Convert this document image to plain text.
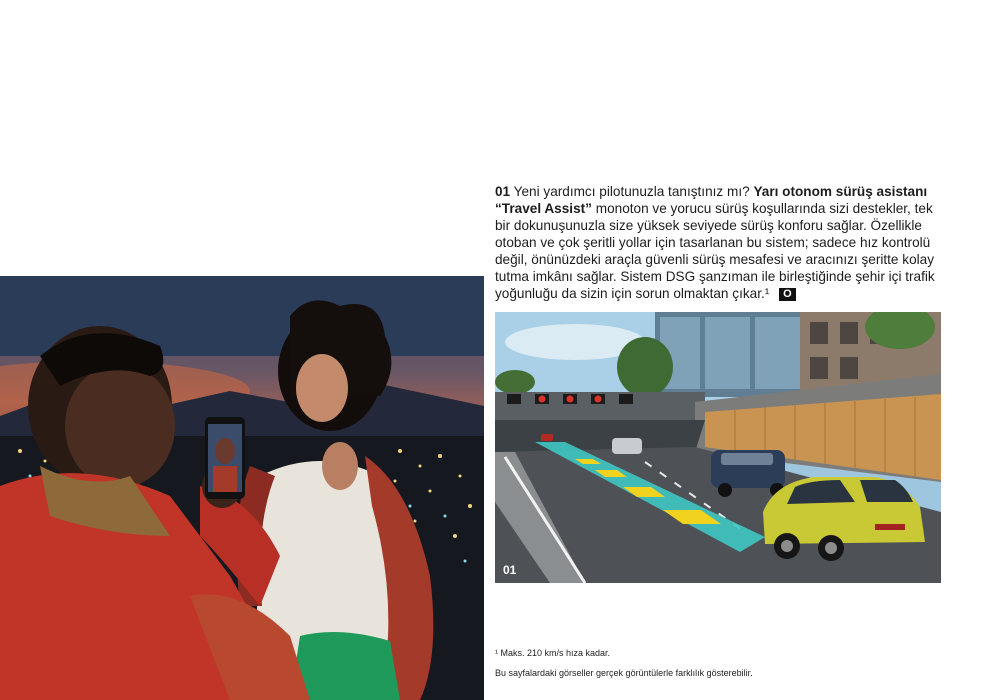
01 Yeni yardımcı pilotunuzla tanıştınız mı? Yarı otonom sürüş asistanı “Travel Assist” monoton ve yorucu sürüş koşullarında sizi destekler, tek bir dokunuşunuzla size yüksek seviyede sürüş konforu sağlar. Özellikle otoban ve çok şeritli yollar için tasarlanan bu sistem; sadece hız kontrolü değil, önünüzdeki araçla güvenli sürüş mesafesi ve aracınızı şeritte kolay tutma imkânı sağlar. Sistem DSG şanzıman ile birleştiğinde şehir içi trafik yoğunluğu da sizin için sorun olmaktan çıkar.¹ O
01
¹ Maks. 210 km/s hıza kadar.
Bu sayfalardaki görseller gerçek görüntülerle farklılık gösterebilir.
